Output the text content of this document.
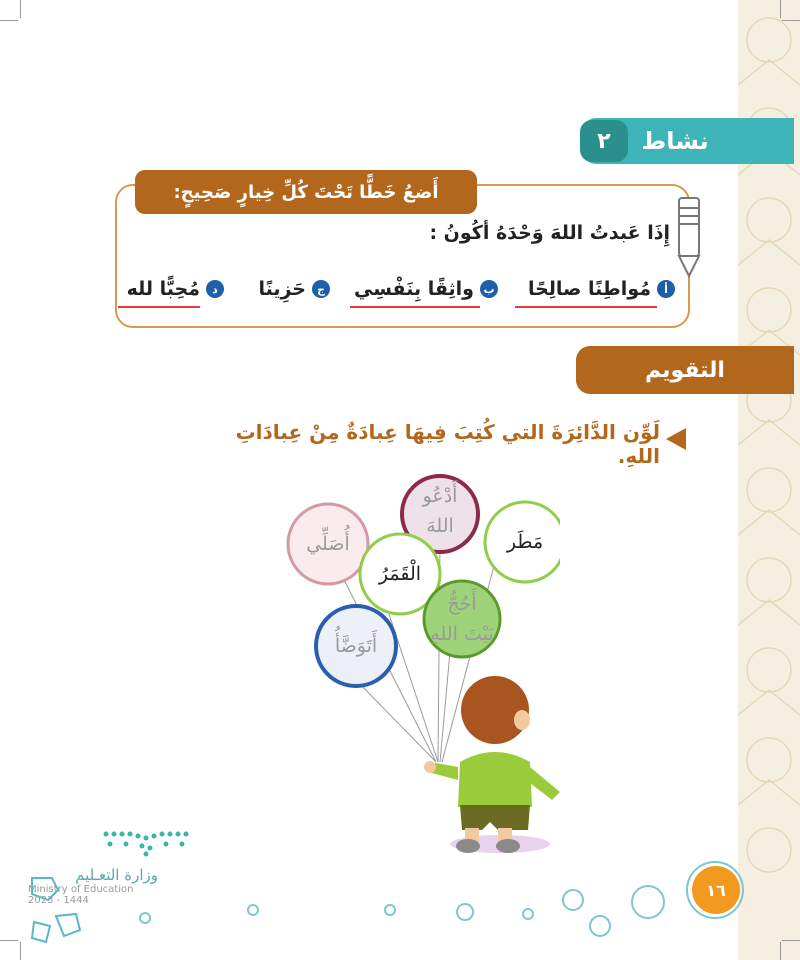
نشاط
٢
أَضعُ خَطًّا تَحْتَ كُلِّ خِيارٍ صَحِيحٍ:
إِذَا عَبدتُ اللهَ وَحْدَهُ أكُونُ :
أ
مُواطِنًا صالِحًا
ب
واثِقًا بِنَفْسِي
ج
حَزِينًا
د
مُحِبًّا لله
التقويم
لَوِّن الدَّائِرَةَ التي كُتِبَ فِيهَا عِبادَةٌ مِنْ عِبادَاتِ اللهِ.
أَدْعُو
اللهَ
مَطَر
أُصَلِّي
الْقَمَرُ
أَحُجُّ
بَيْتَ اللهِ
أَتَوَضَّأُ
وزارة التعـليم
Ministry of Education
2023 - 1444
١٦
